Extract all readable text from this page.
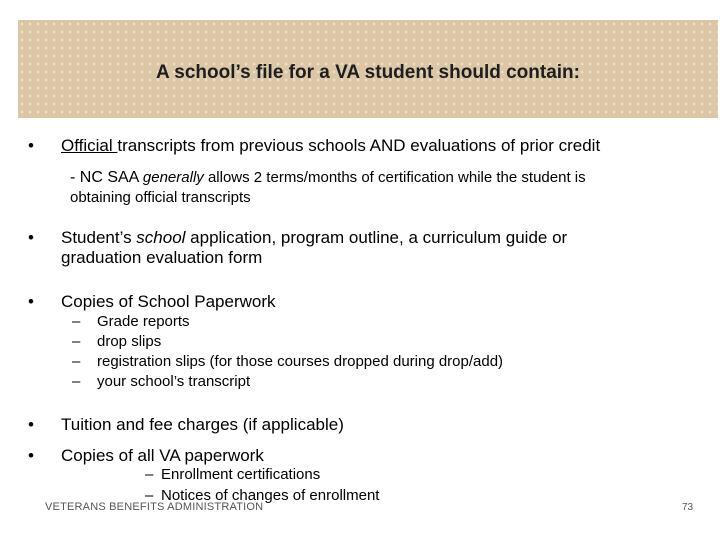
A school’s file for a VA student should contain:
• Official transcripts from previous schools AND evaluations of prior credit
- NC SAA generally allows 2 terms/months of certification while the student is
obtaining official transcripts
• Student’s school application, program outline, a curriculum guide or
graduation evaluation form
• Copies of School Paperwork
– Grade reports
– drop slips
– registration slips (for those courses dropped during drop/add)
– your school’s transcript
• Tuition and fee charges (if applicable)
• Copies of all VA paperwork
– Enrollment certifications
– Notices of changes of enrollment
VETERANS BENEFITS ADMINISTRATION	73
